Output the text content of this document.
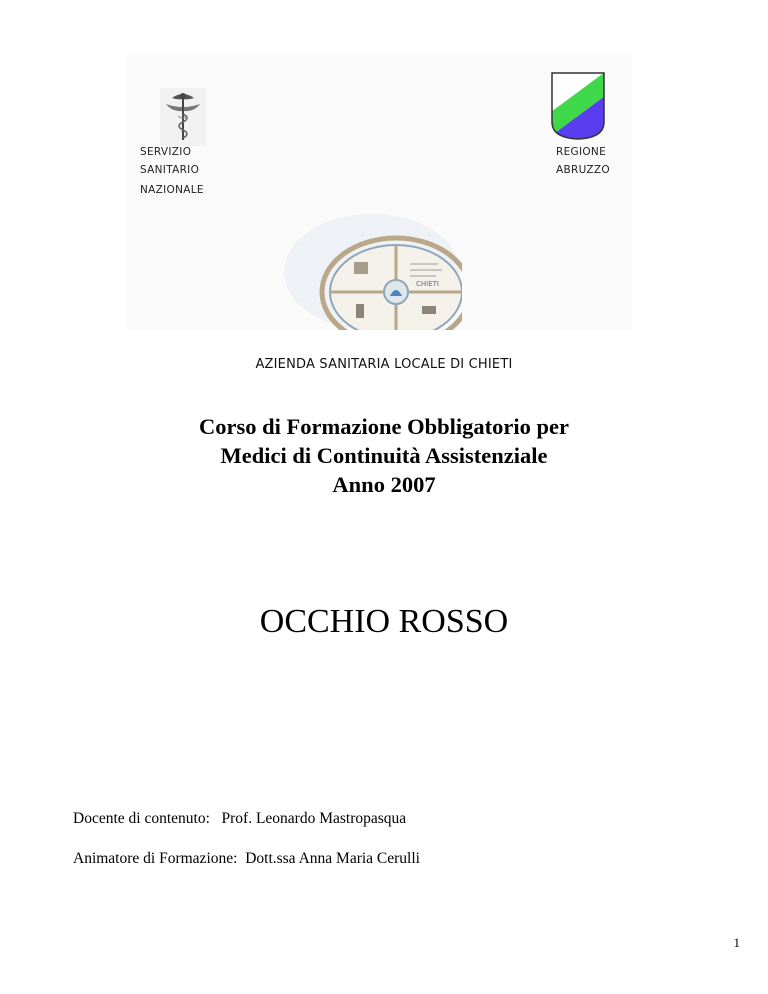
SERVIZIO
SANITARIO
NAZIONALE
REGIONE
ABRUZZO
CHIETI
AZIENDA SANITARIA LOCALE DI CHIETI
Corso di Formazione Obbligatorio per
Medici di Continuità Assistenziale
Anno 2007
OCCHIO ROSSO
Docente di contenuto: Prof. Leonardo Mastropasqua
Animatore di Formazione: Dott.ssa Anna Maria Cerulli
1
